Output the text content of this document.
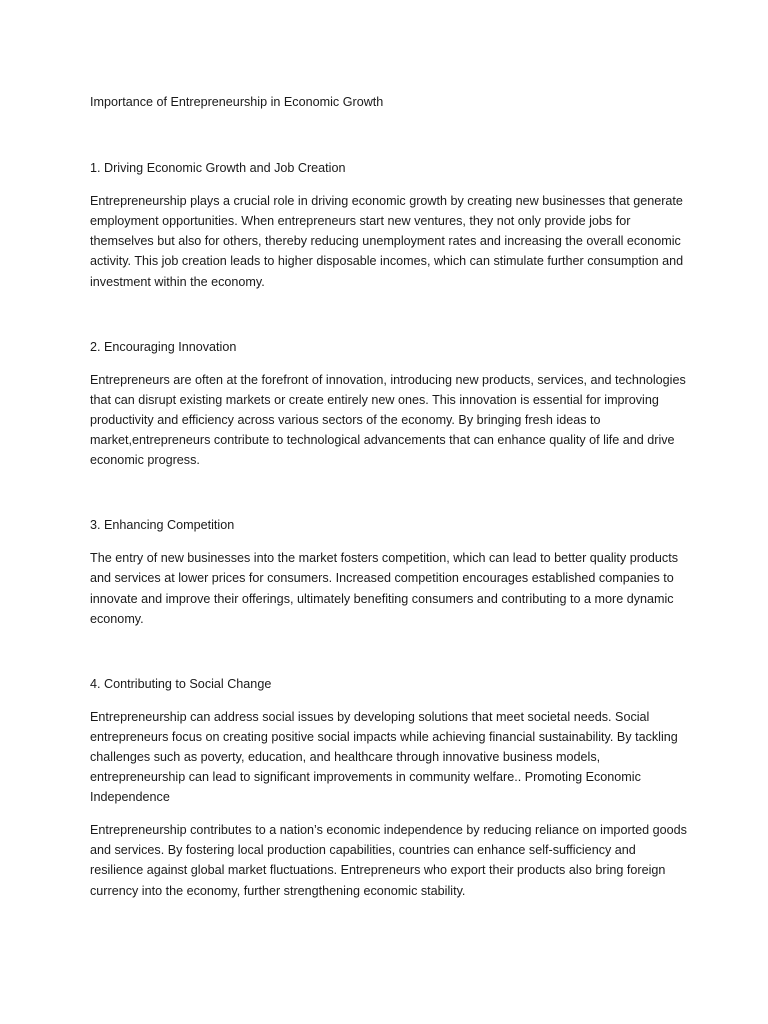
Importance of Entrepreneurship in Economic Growth

1. Driving Economic Growth and Job Creation

Entrepreneurship plays a crucial role in driving economic growth by creating new businesses that generate employment opportunities. When entrepreneurs start new ventures, they not only provide jobs for themselves but also for others, thereby reducing unemployment rates and increasing the overall economic activity. This job creation leads to higher disposable incomes, which can stimulate further consumption and investment within the economy.

2. Encouraging Innovation

Entrepreneurs are often at the forefront of innovation, introducing new products, services, and technologies that can disrupt existing markets or create entirely new ones. This innovation is essential for improving productivity and efficiency across various sectors of the economy. By bringing fresh ideas to market,entrepreneurs contribute to technological advancements that can enhance quality of life and drive economic progress.

3. Enhancing Competition

The entry of new businesses into the market fosters competition, which can lead to better quality products and services at lower prices for consumers. Increased competition encourages established companies to innovate and improve their offerings, ultimately benefiting consumers and contributing to a more dynamic economy.

4. Contributing to Social Change

Entrepreneurship can address social issues by developing solutions that meet societal needs. Social entrepreneurs focus on creating positive social impacts while achieving financial sustainability. By tackling challenges such as poverty, education, and healthcare through innovative business models, entrepreneurship can lead to significant improvements in community welfare.. Promoting Economic Independence

Entrepreneurship contributes to a nation’s economic independence by reducing reliance on imported goods and services. By fostering local production capabilities, countries can enhance self-sufficiency and resilience against global market fluctuations. Entrepreneurs who export their products also bring foreign currency into the economy, further strengthening economic stability.
